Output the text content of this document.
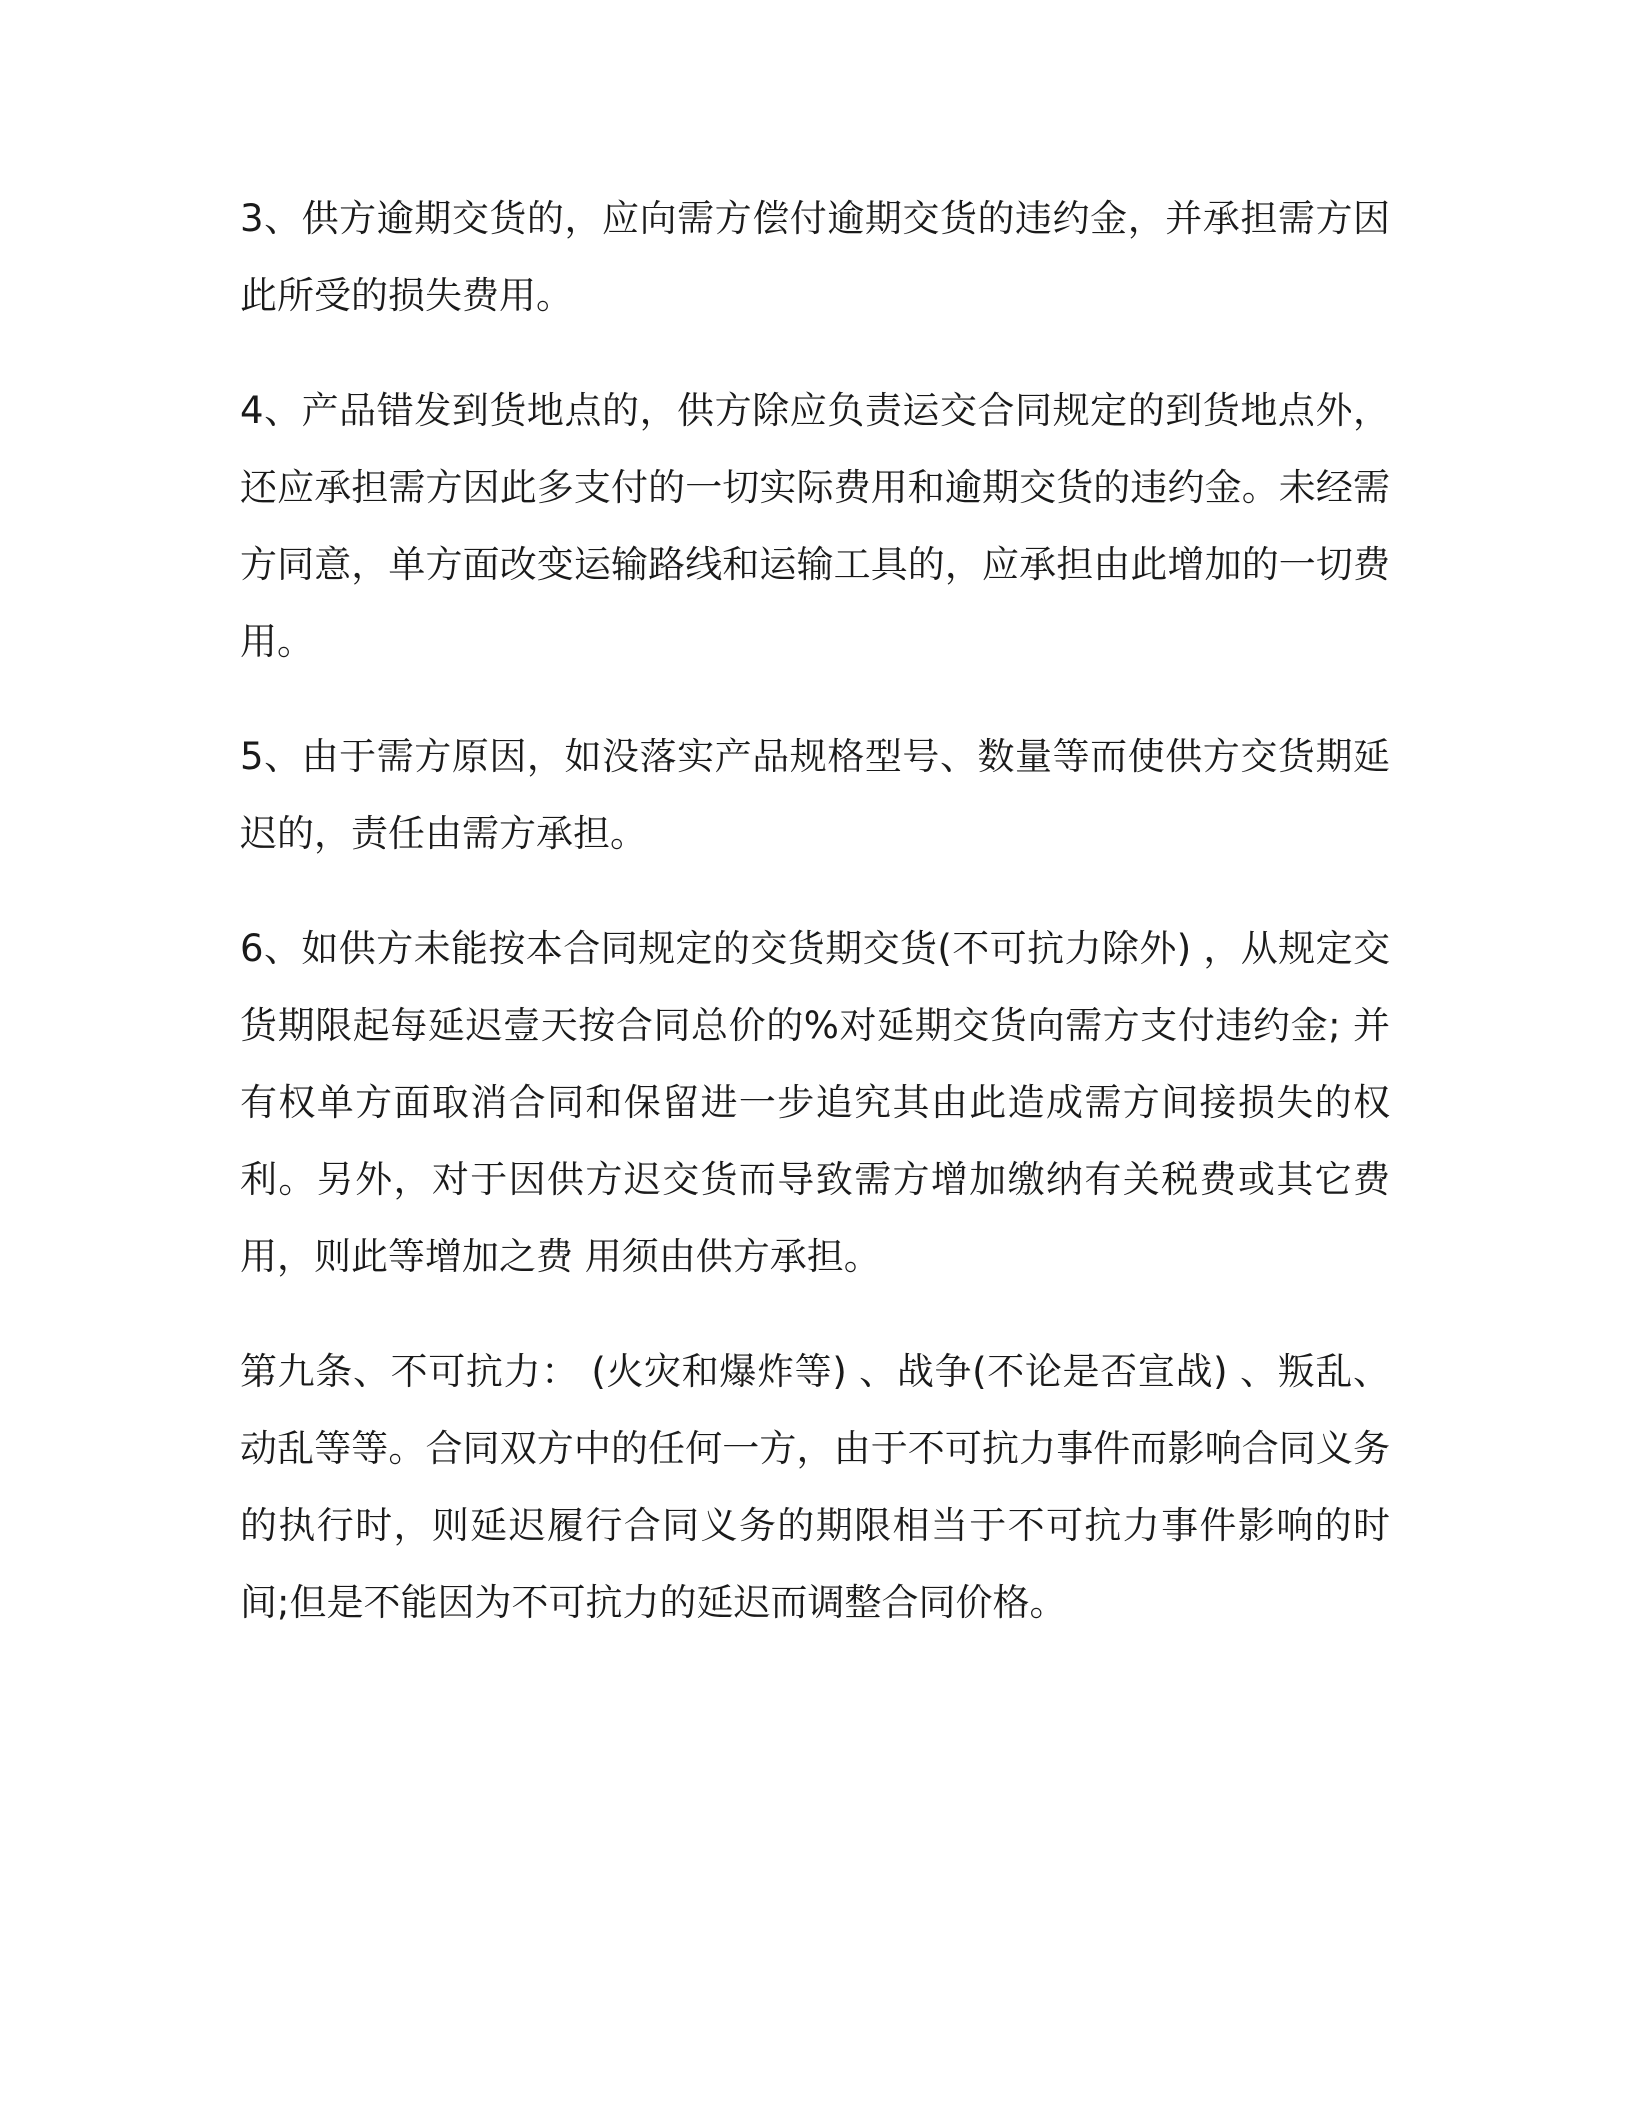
3、供方逾期交货的，应向需方偿付逾期交货的违约金，并承担需方因此所受的损失费用。

4、产品错发到货地点的，供方除应负责运交合同规定的到货地点外，还应承担需方因此多支付的一切实际费用和逾期交货的违约金。未经需方同意，单方面改变运输路线和运输工具的，应承担由此增加的一切费用。

5、由于需方原因，如没落实产品规格型号、数量等而使供方交货期延迟的，责任由需方承担。

6、如供方未能按本合同规定的交货期交货(不可抗力除外) ，从规定交货期限起每延迟壹天按合同总价的%对延期交货向需方支付违约金; 并有权单方面取消合同和保留进一步追究其由此造成需方间接损失的权利。另外，对于因供方迟交货而导致需方增加缴纳有关税费或其它费用，则此等增加之费 用须由供方承担。

第九条、不可抗力： (火灾和爆炸等) 、战争(不论是否宣战) 、叛乱、动乱等等。合同双方中的任何一方，由于不可抗力事件而影响合同义务的执行时，则延迟履行合同义务的期限相当于不可抗力事件影响的时间;但是不能因为不可抗力的延迟而调整合同价格。
